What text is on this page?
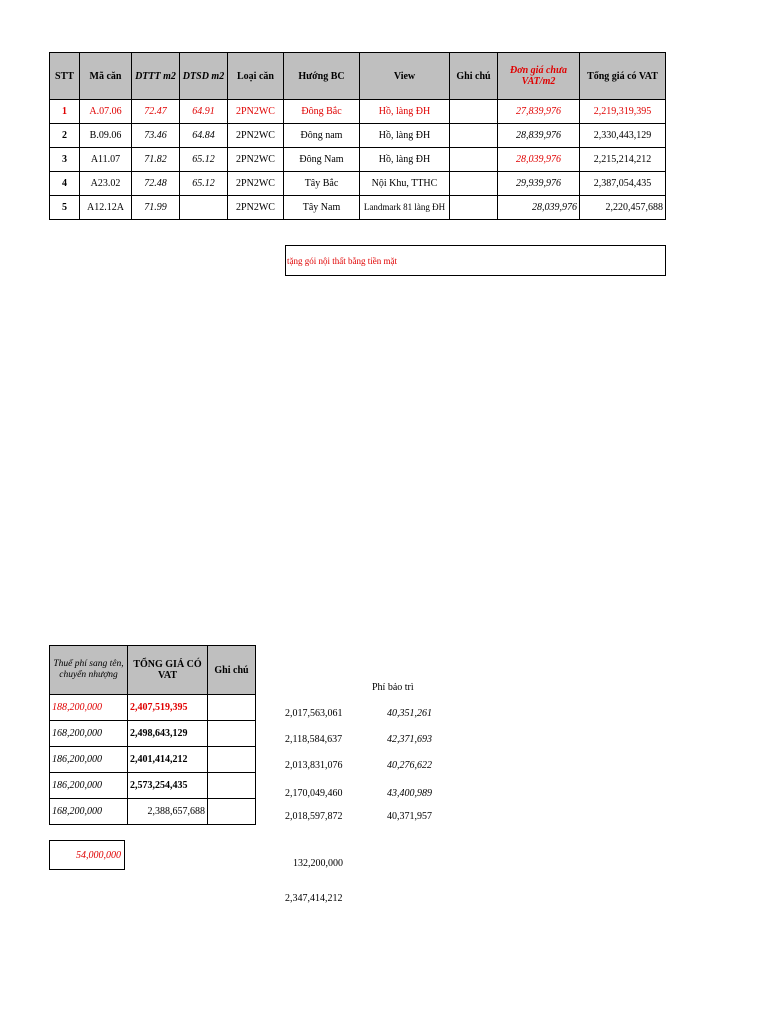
STT	Mã căn	DTTT m2	DTSD m2	Loại căn	Hướng BC	View	Ghi chú	Đơn giá chưa VAT/m2	Tổng giá có VAT
1	A.07.06	72.47	64.91	2PN2WC	Đông Bắc	Hồ, làng ĐH		27,839,976	2,219,319,395
2	B.09.06	73.46	64.84	2PN2WC	Đông nam	Hồ, làng ĐH		28,839,976	2,330,443,129
3	A11.07	71.82	65.12	2PN2WC	Đông Nam	Hồ, làng ĐH		28,039,976	2,215,214,212
4	A23.02	72.48	65.12	2PN2WC	Tây Bắc	Nội Khu, TTHC		29,939,976	2,387,054,435
5	A12.12A	71.99		2PN2WC	Tây Nam	Landmark 81 làng ĐH		28,039,976	2,220,457,688
tặng gói nội thất bằng tiền mặt
Thuế phí sang tên, chuyển nhượng	TỔNG GIÁ CÓ VAT	Ghi chú
188,200,000	2,407,519,395	
168,200,000	2,498,643,129	
186,200,000	2,401,414,212	
186,200,000	2,573,254,435	
168,200,000	2,388,657,688	
54,000,000
Phí bảo trì
2,017,563,061	40,351,261
2,118,584,637	42,371,693
2,013,831,076	40,276,622
2,170,049,460	43,400,989
2,018,597,872	40,371,957
132,200,000
2,347,414,212
